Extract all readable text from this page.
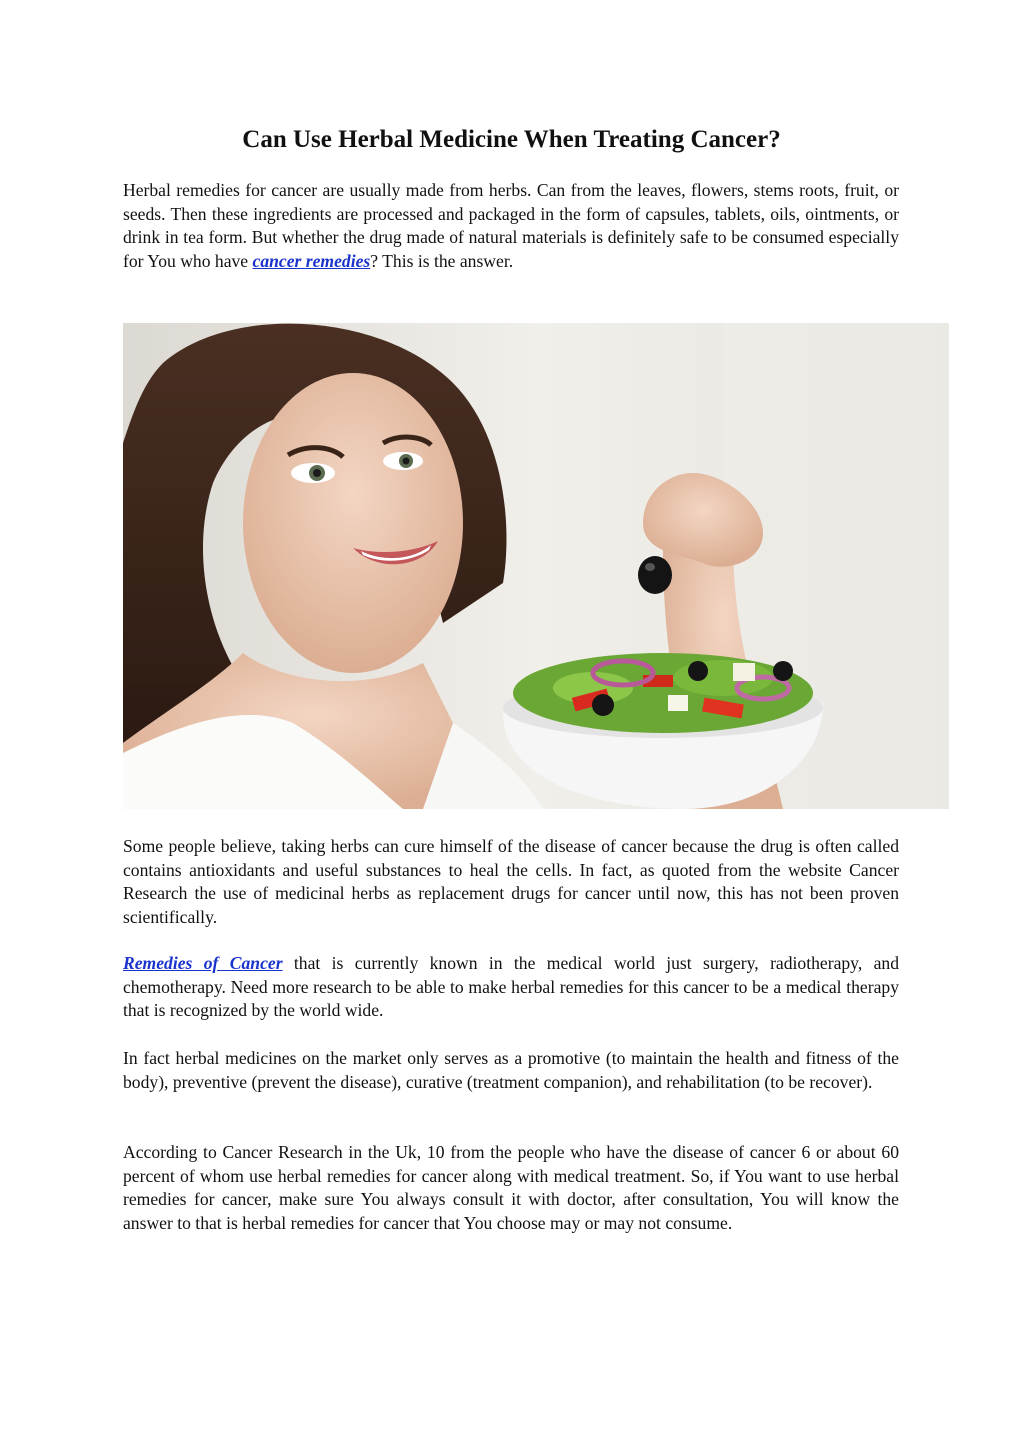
Can Use Herbal Medicine When Treating Cancer?

Herbal remedies for cancer are usually made from herbs. Can from the leaves, flowers, stems roots, fruit, or seeds. Then these ingredients are processed and packaged in the form of capsules, tablets, oils, ointments, or drink in tea form. But whether the drug made of natural materials is definitely safe to be consumed especially for You who have cancer remedies? This is the answer.

Some people believe, taking herbs can cure himself of the disease of cancer because the drug is often called contains antioxidants and useful substances to heal the cells. In fact, as quoted from the website Cancer Research the use of medicinal herbs as replacement drugs for cancer until now, this has not been proven scientifically.

Remedies of Cancer that is currently known in the medical world just surgery, radiotherapy, and chemotherapy. Need more research to be able to make herbal remedies for this cancer to be a medical therapy that is recognized by the world wide.

In fact herbal medicines on the market only serves as a promotive (to maintain the health and fitness of the body), preventive (prevent the disease), curative (treatment companion), and rehabilitation (to be recover).

According to Cancer Research in the Uk, 10 from the people who have the disease of cancer 6 or about 60 percent of whom use herbal remedies for cancer along with medical treatment. So, if You want to use herbal remedies for cancer, make sure You always consult it with doctor, after consultation, You will know the answer to that is herbal remedies for cancer that You choose may or may not consume.
